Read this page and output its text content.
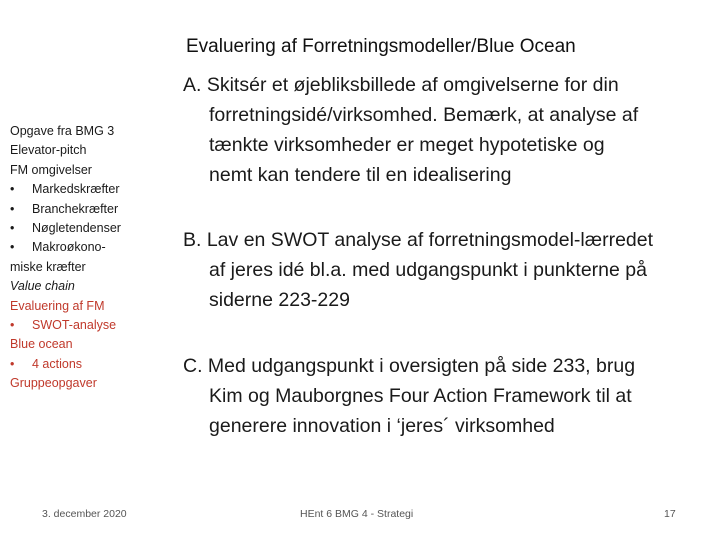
Opgave fra BMG 3
Elevator-pitch
FM omgivelser
• Markedskræfter
• Branchekræfter
• Nøgletendenser
• Makroøkono-
miske kræfter
Value chain
Evaluering af FM
• SWOT-analyse
Blue ocean
• 4 actions
Gruppeopgaver
Evaluering af Forretningsmodeller/Blue Ocean
A. Skitsér et øjebliksbillede af omgivelserne for din
forretningsidé/virksomhed. Bemærk, at analyse af
tænkte virksomheder er meget hypotetiske og
nemt kan tendere til en idealisering
B. Lav en SWOT analyse af forretningsmodel-lærredet
af jeres idé bl.a. med udgangspunkt i punkterne på
siderne 223-229
C. Med udgangspunkt i oversigten på side 233, brug
Kim og Mauborgnes Four Action Framework til at
generere innovation i ‘jeres´ virksomhed
3. december 2020	HEnt 6 BMG 4 - Strategi	17
